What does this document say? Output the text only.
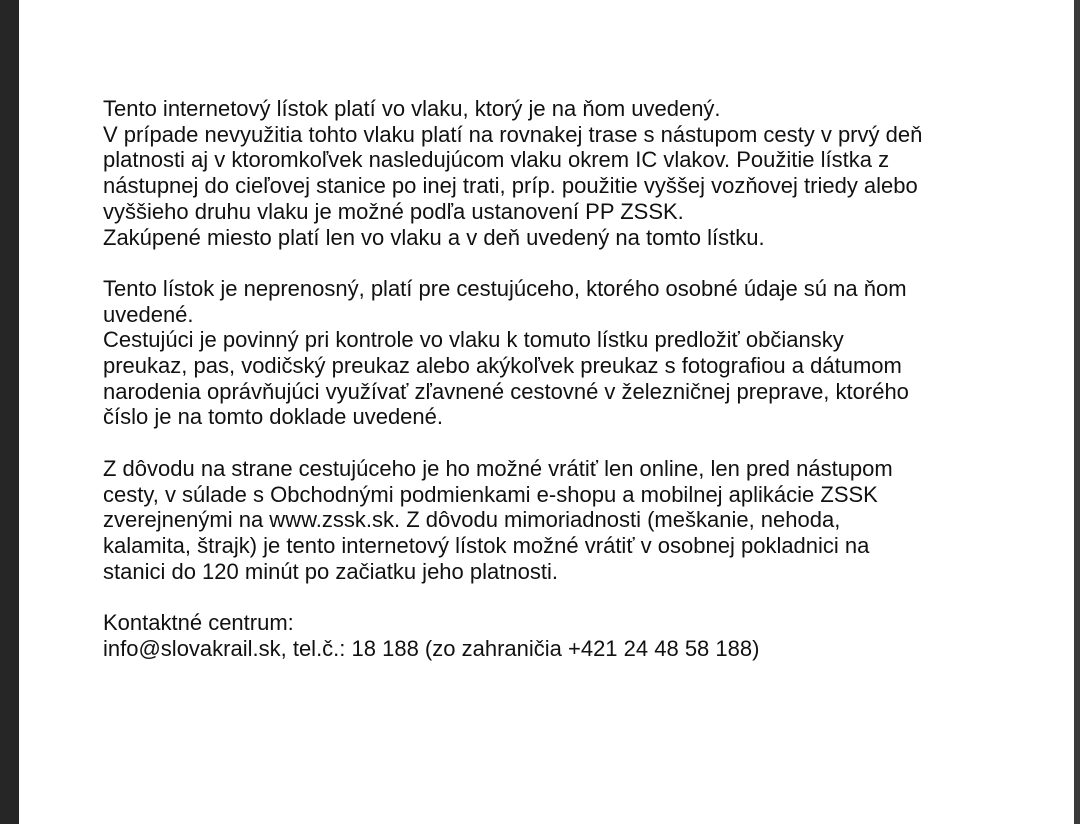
Tento internetový lístok platí vo vlaku, ktorý je na ňom uvedený.
V prípade nevyužitia tohto vlaku platí na rovnakej trase s nástupom cesty v prvý deň
platnosti aj v ktoromkoľvek nasledujúcom vlaku okrem IC vlakov. Použitie lístka z
nástupnej do cieľovej stanice po inej trati, príp. použitie vyššej vozňovej triedy alebo
vyššieho druhu vlaku je možné podľa ustanovení PP ZSSK.
Zakúpené miesto platí len vo vlaku a v deň uvedený na tomto lístku.

Tento lístok je neprenosný, platí pre cestujúceho, ktorého osobné údaje sú na ňom
uvedené.
Cestujúci je povinný pri kontrole vo vlaku k tomuto lístku predložiť občiansky
preukaz, pas, vodičský preukaz alebo akýkoľvek preukaz s fotografiou a dátumom
narodenia oprávňujúci využívať zľavnené cestovné v železničnej preprave, ktorého
číslo je na tomto doklade uvedené.

Z dôvodu na strane cestujúceho je ho možné vrátiť len online, len pred nástupom
cesty, v súlade s Obchodnými podmienkami e-shopu a mobilnej aplikácie ZSSK
zverejnenými na www.zssk.sk. Z dôvodu mimoriadnosti (meškanie, nehoda,
kalamita, štrajk) je tento internetový lístok možné vrátiť v osobnej pokladnici na
stanici do 120 minút po začiatku jeho platnosti.

Kontaktné centrum:
info@slovakrail.sk, tel.č.: 18 188 (zo zahraničia +421 24 48 58 188)
